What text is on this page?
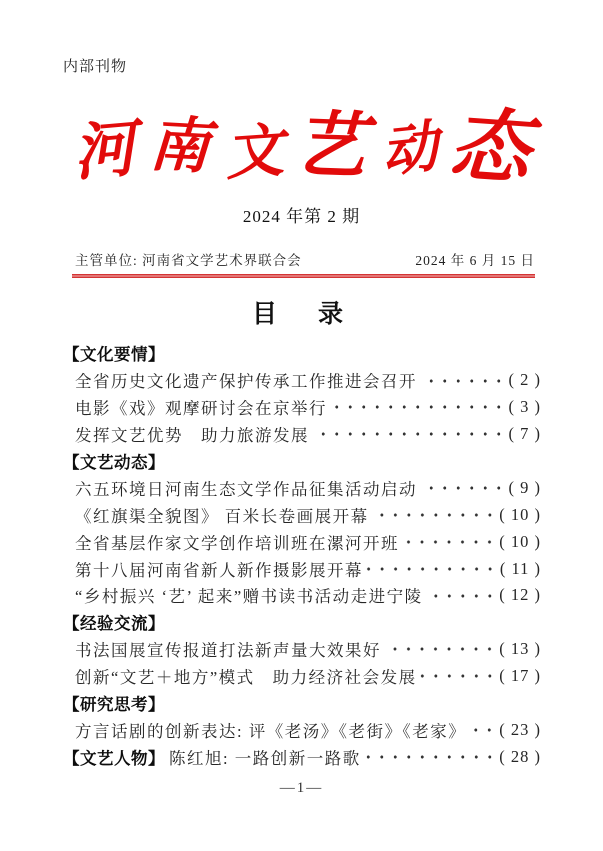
内部刊物
河 南 文艺 动态
2024 年第 2 期
主管单位: 河南省文学艺术界联合会	2024 年 6 月 15 日
目　录
【文化要情】
全省历史文化遗产保护传承工作推进会召开	( 2 )
电影《戏》观摩研讨会在京举行	( 3 )
发挥文艺优势　助力旅游发展	( 7 )
【文艺动态】
六五环境日河南生态文学作品征集活动启动	( 9 )
《红旗渠全貌图》 百米长卷画展开幕	( 10 )
全省基层作家文学创作培训班在漯河开班	( 10 )
第十八届河南省新人新作摄影展开幕	( 11 )
“乡村振兴 ‘艺’ 起来”赠书读书活动走进宁陵	( 12 )
【经验交流】
书法国展宣传报道打法新声量大效果好	( 13 )
创新“文艺＋地方”模式　助力经济社会发展	( 17 )
【研究思考】
方言话剧的创新表达: 评《老汤》《老街》《老家》 ( 23 )
【文艺人物】 陈红旭: 一路创新一路歌	( 28 )
—1—
